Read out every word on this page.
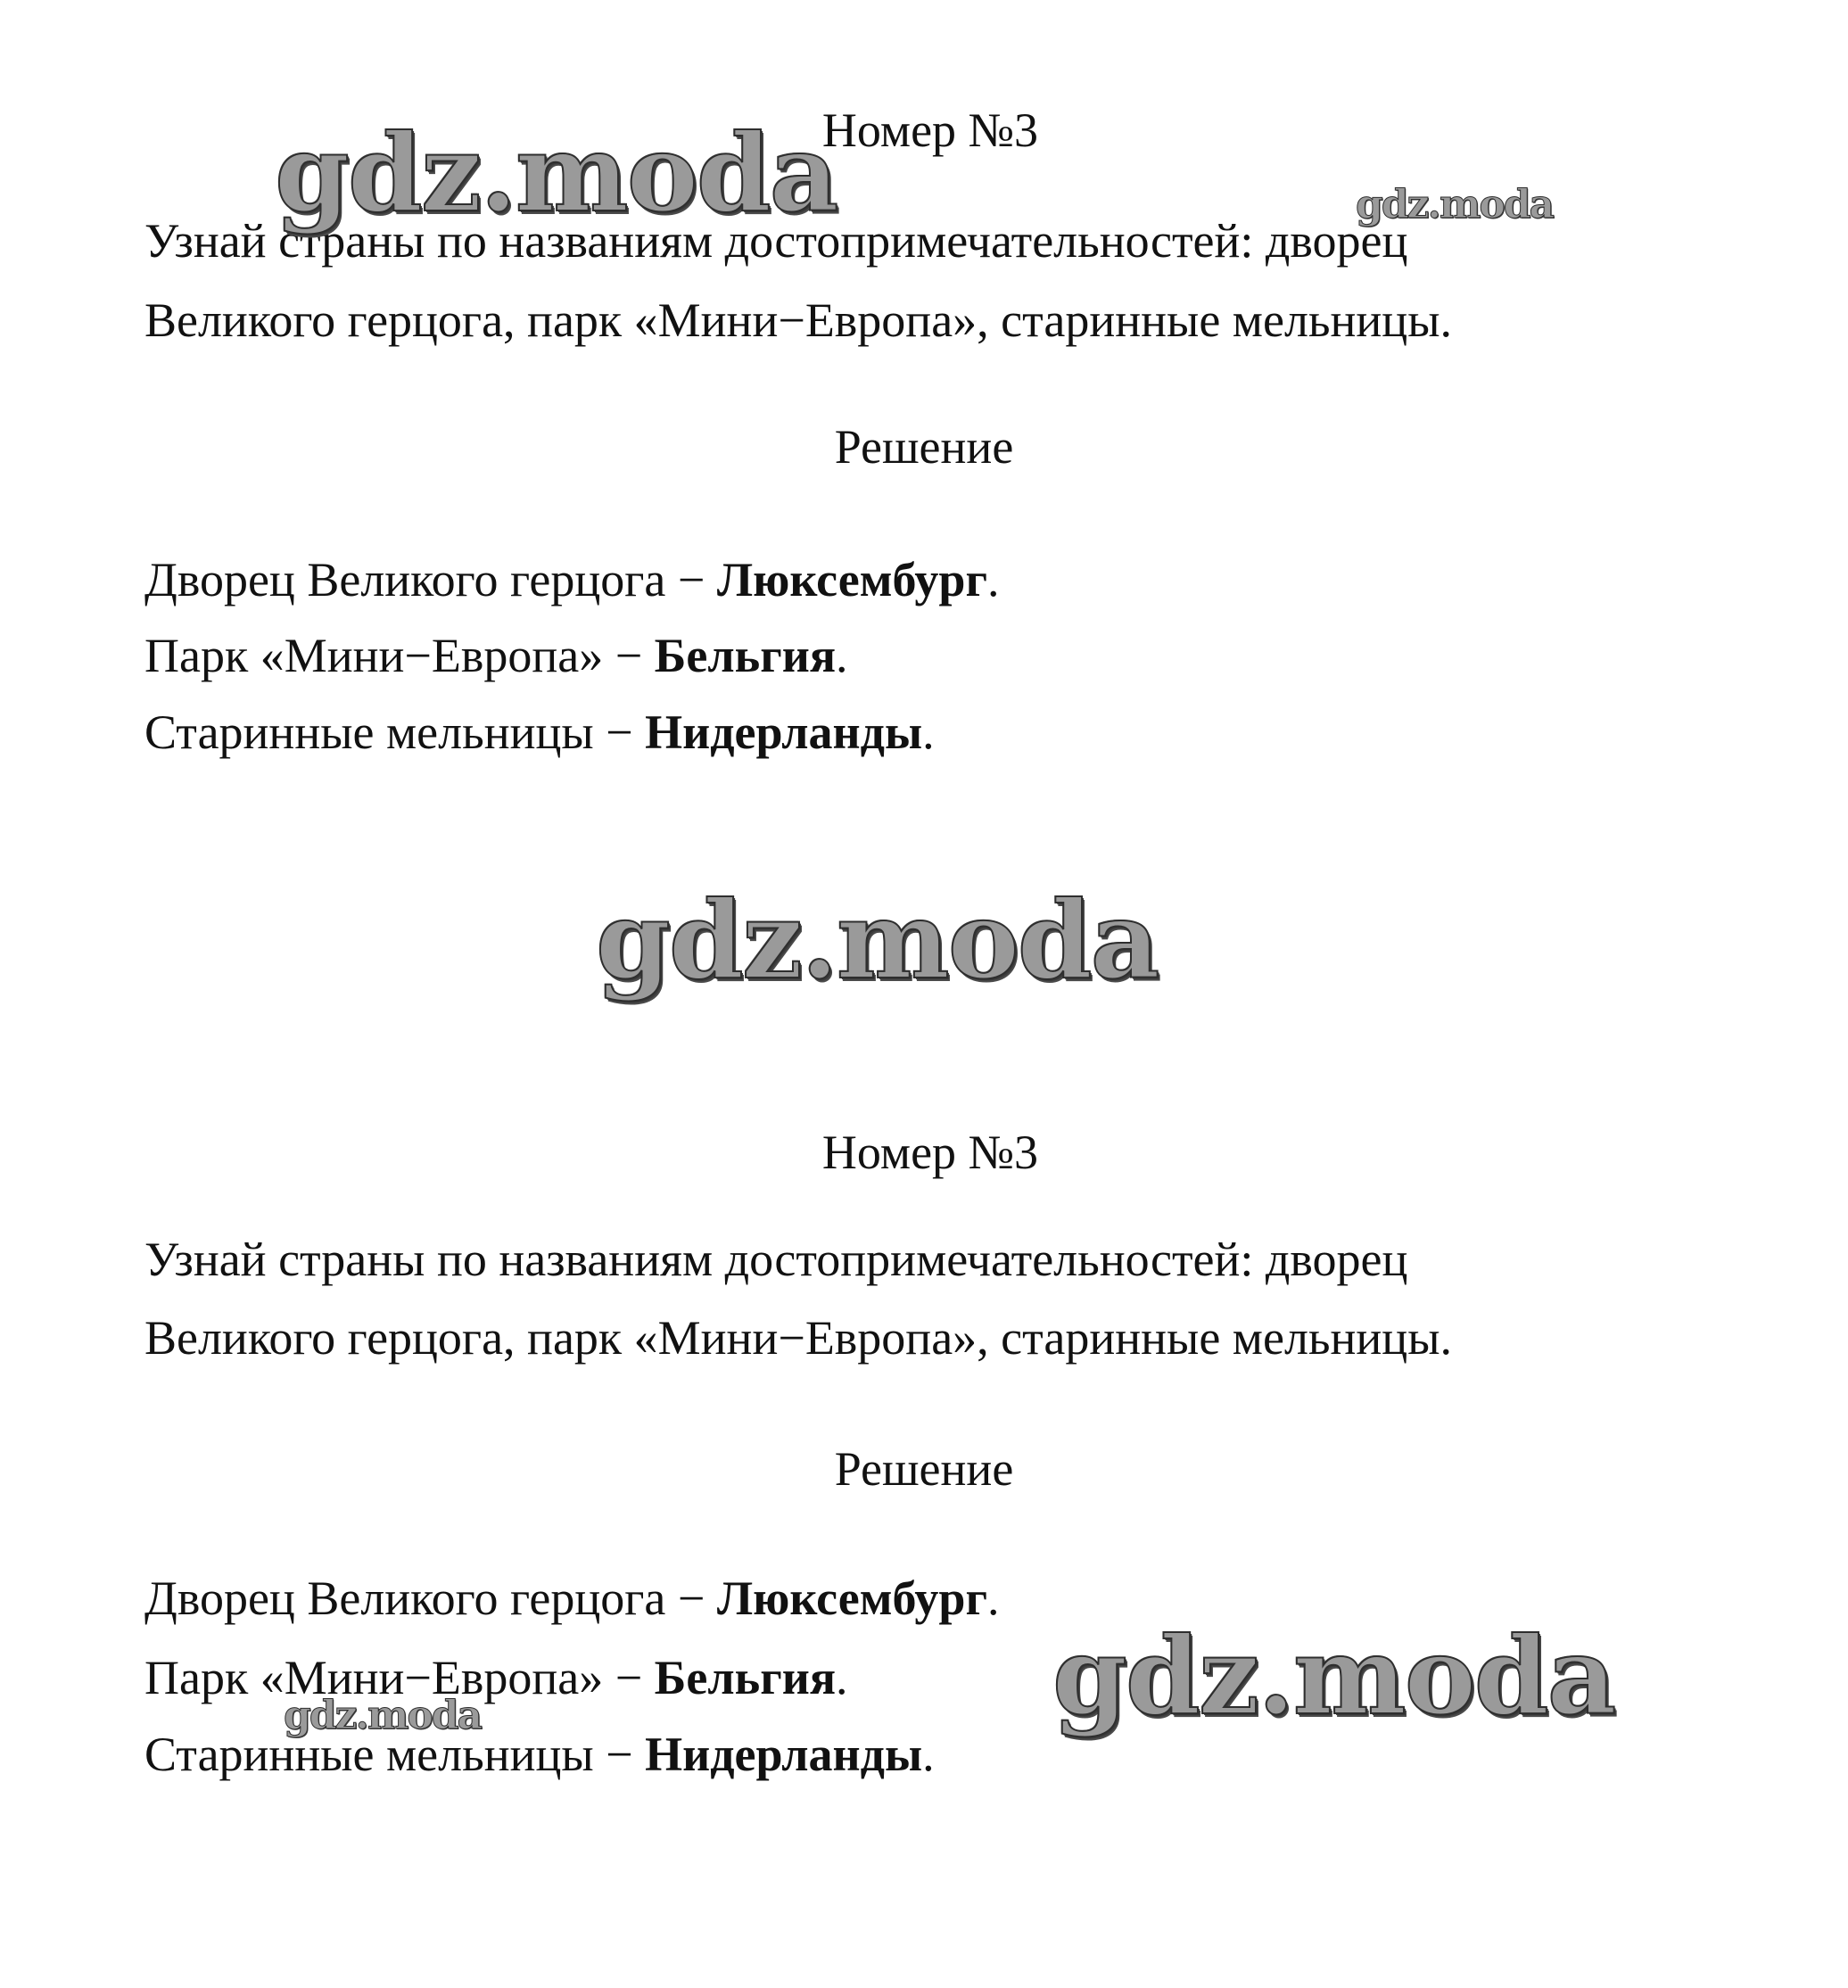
Номер №3

Узнай страны по названиям достопримечательностей: дворец

Великого герцога, парк «Мини−Европа», старинные мельницы.

Решение

Дворец Великого герцога − Люксембург.

Парк «Мини−Европа» − Бельгия.

Старинные мельницы − Нидерланды.

Номер №3

Узнай страны по названиям достопримечательностей: дворец

Великого герцога, парк «Мини−Европа», старинные мельницы.

Решение

Дворец Великого герцога − Люксембург.

Парк «Мини−Европа» − Бельгия.

Старинные мельницы − Нидерланды.

gdz.moda	gdz.moda
gdz.moda
gdz.moda
gdz.moda
